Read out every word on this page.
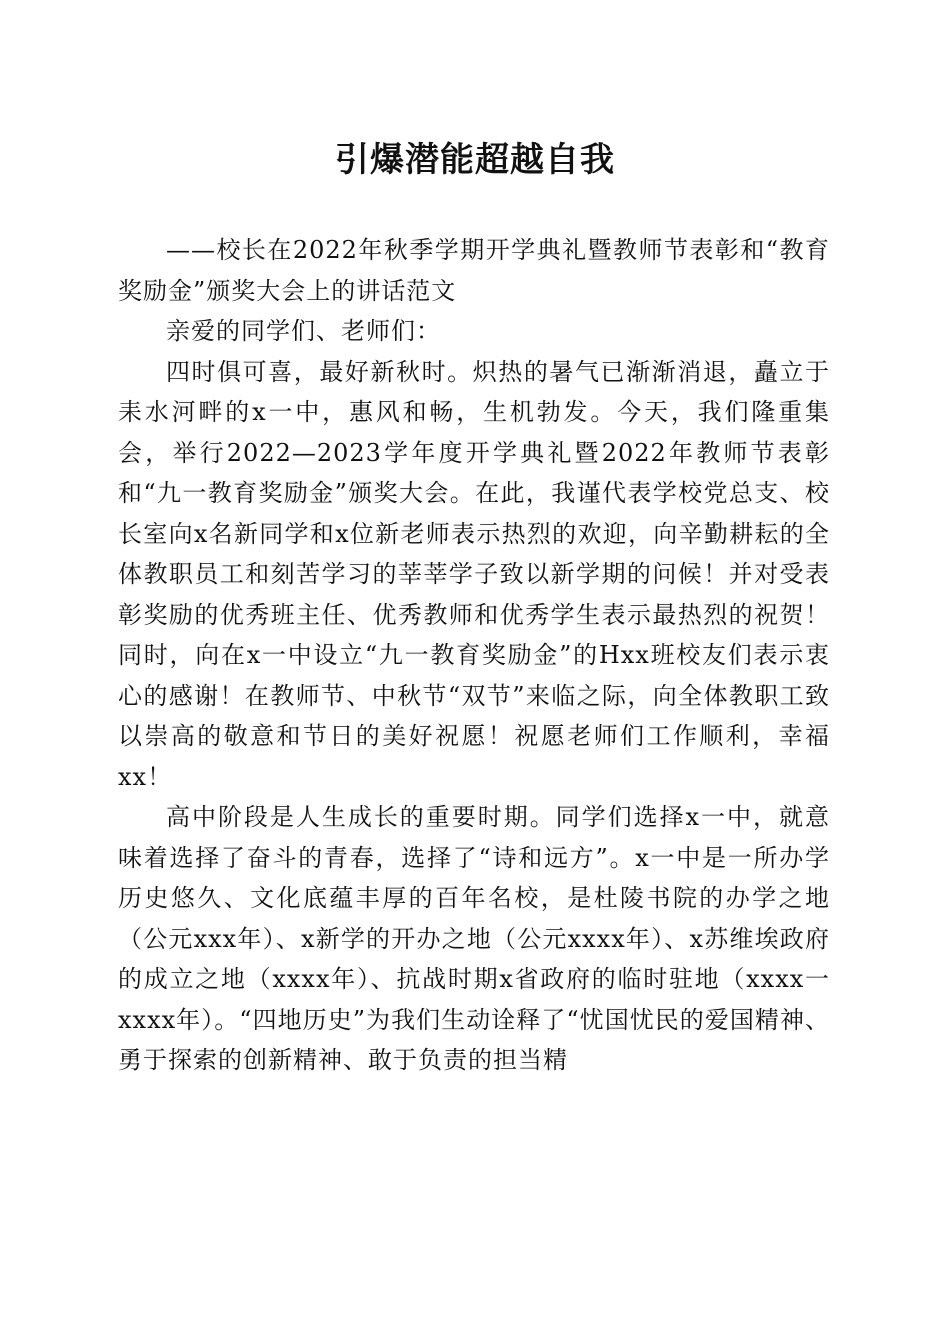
引爆潜能超越自我

——校长在2022年秋季学期开学典礼暨教师节表彰和“教育奖励金”颁奖大会上的讲话范文

亲爱的同学们、老师们：

四时俱可喜，最好新秋时。炽热的暑气已渐渐消退，矗立于耒水河畔的x一中，惠风和畅，生机勃发。今天，我们隆重集会，举行2022—2023学年度开学典礼暨2022年教师节表彰和“九一教育奖励金”颁奖大会。在此，我谨代表学校党总支、校长室向x名新同学和x位新老师表示热烈的欢迎，向辛勤耕耘的全体教职员工和刻苦学习的莘莘学子致以新学期的问候！并对受表彰奖励的优秀班主任、优秀教师和优秀学生表示最热烈的祝贺！同时，向在x一中设立“九一教育奖励金”的Hxx班校友们表示衷心的感谢！在教师节、中秋节“双节”来临之际，向全体教职工致以崇高的敬意和节日的美好祝愿！祝愿老师们工作顺利，幸福xx！

高中阶段是人生成长的重要时期。同学们选择x一中，就意味着选择了奋斗的青春，选择了“诗和远方”。x一中是一所办学历史悠久、文化底蕴丰厚的百年名校，是杜陵书院的办学之地（公元xxx年）、x新学的开办之地（公元xxxx年）、x苏维埃政府的成立之地（xxxx年）、抗战时期x省政府的临时驻地（xxxx一xxxx年）。“四地历史”为我们生动诠释了“忧国忧民的爱国精神、勇于探索的创新精神、敢于负责的担当精
